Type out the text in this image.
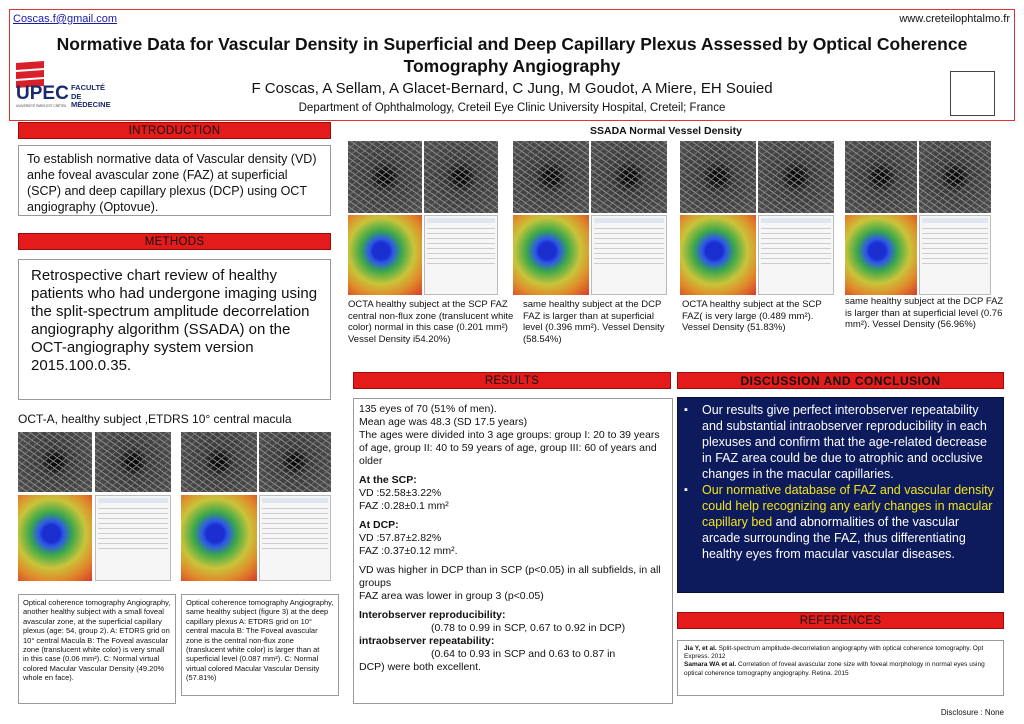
Coscas.f@gmail.com	www.creteilophtalmo.fr
Normative Data for Vascular Density in Superficial and Deep Capillary Plexus Assessed by Optical Coherence Tomography Angiography
F Coscas, A Sellam, A Glacet-Bernard, C Jung, M Goudot, A Miere, EH Souied
Department of Ophthalmology, Creteil Eye Clinic University Hospital, Creteil; France
UPEC FACULTÉ
DE MÉDECINE
UNIVERSITÉ PARIS-EST CRÉTEIL
INTRODUCTION
To establish normative data of Vascular density (VD) anhe foveal avascular zone (FAZ) at superficial (SCP) and deep capillary plexus (DCP) using OCT angiography (Optovue).
METHODS
Retrospective chart review of healthy patients who had undergone imaging using the split-spectrum amplitude decorrelation angiography algorithm (SSADA) on the OCT-angiography system version 2015.100.0.35.
OCT-A, healthy subject ,ETDRS 10° central macula
Optical coherence tomography Angiography, another healthy subject with a small foveal avascular zone, at the superficial capillary plexus (age: 54, group 2). A: ETDRS grid on 10° central Macula B: The Foveal avascular zone (translucent white color) is very small in this case (0.06 mm²). C: Normal virtual colored Macular Vascular Density (49.20% whole en face).
Optical coherence tomography Angiography, same healthy subject (figure 3) at the deep capillary plexus A: ETDRS grid on 10° central macula B: The Foveal avascular zone is the central non-flux zone (translucent white color) is larger than at superficial level (0.087 mm²). C: Normal virtual colored Macular Vascular Density (57.81%)
SSADA Normal Vessel Density
OCTA healthy subject at the SCP FAZ central non-flux zone (translucent white color) normal in this case (0.201 mm²) Vessel Density i54.20%)
same healthy subject at the DCP FAZ is larger than at superficial level (0.396 mm²). Vessel Density (58.54%)
OCTA healthy subject at the SCP FAZ( is very large (0.489 mm²). Vessel Density (51.83%)
same healthy subject at the DCP FAZ is larger than at superficial level (0.76 mm²). Vessel Density (56.96%)
RESULTS

135 eyes of 70 (51% of men).

Mean age was 48.3 (SD 17.5 years)

The ages were divided into 3 age groups: group I: 20 to 39 years of age, group II: 40 to 59 years of age, group III: 60 of years and older

At the SCP:

VD :52.58±3.22%

FAZ :0.28±0.1 mm²

At DCP:

VD :57.87±2.82%

FAZ :0.37±0.12 mm².

VD was higher in DCP than in SCP (p<0.05) in all subfields, in all groups

FAZ area was lower in group 3 (p<0.05)

Interobserver reproducibility:

(0.78 to 0.99 in SCP, 0.67 to 0.92 in DCP)

intraobserver repeatability:

(0.64 to 0.93 in SCP and 0.63 to 0.87 in

DCP) were both excellent.

DISCUSSION AND CONCLUSION
▪ Our results give perfect interobserver repeatability and substantial intraobserver reproducibility in each plexuses and confirm that the age-related decrease in FAZ area could be due to atrophic and occlusive changes in the macular capillaries.
▪ Our normative database of FAZ and vascular density could help recognizing any early changes in macular capillary bed and abnormalities of the vascular arcade surrounding the FAZ, thus differentiating healthy eyes from macular vascular diseases.
REFERENCES

Jia Y, et al. Split-spectrum amplitude-decorrelation angiography with optical coherence tomography. Opt Express. 2012

Samara WA et al. Correlation of foveal avascular zone size with foveal morphology in normal eyes using optical coherence tomography angiography. Retina. 2015

Disclosure : None
